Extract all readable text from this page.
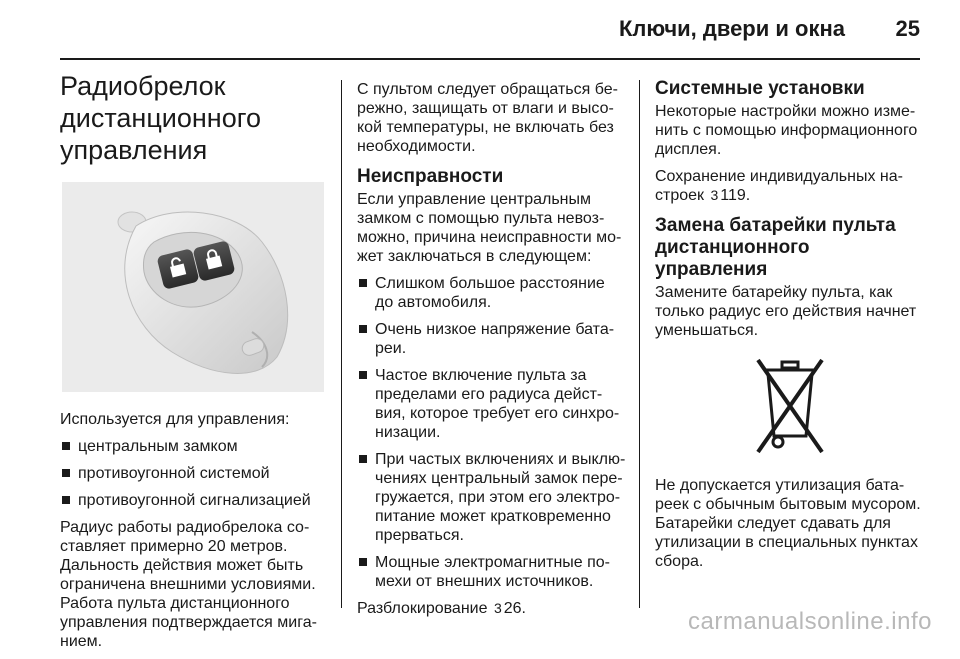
Ключи, двери и окна 25
Радиобрелок
дистанционного
управления

Используется для управления:

центральным замком
противоугонной системой
противоугонной сигнализацией

Радиус работы радиобрелока со-ставляет примерно 20 метров. Дальность действия может быть ограничена внешними условиями. Работа пульта дистанционного управления подтверждается мига-нием.

С пультом следует обращаться бе-режно, защищать от влаги и высо-кой температуры, не включать без необходимости.

Неисправности

Если управление центральным замком с помощью пульта невоз-можно, причина неисправности мо-жет заключаться в следующем:

Слишком большое расстояние до автомобиля.
Очень низкое напряжение бата-реи.
Частое включение пульта за пределами его радиуса дейст-вия, которое требует его синхро-низации.
При частых включениях и выклю-чениях центральный замок пере-гружается, при этом его электро-питание может кратковременно прерваться.
Мощные электромагнитные по-мехи от внешних источников.

Разблокирование 3 26.

Системные установки

Некоторые настройки можно изме-нить с помощью информационного дисплея.

Сохранение индивидуальных на-строек 3 119.

Замена батарейки пульта дистанционного управления

Замените батарейку пульта, как только радиус его действия начнет уменьшаться.

Не допускается утилизация бата-реек с обычным бытовым мусором. Батарейки следует сдавать для утилизации в специальных пунктах сбора.

carmanualsonline.info
